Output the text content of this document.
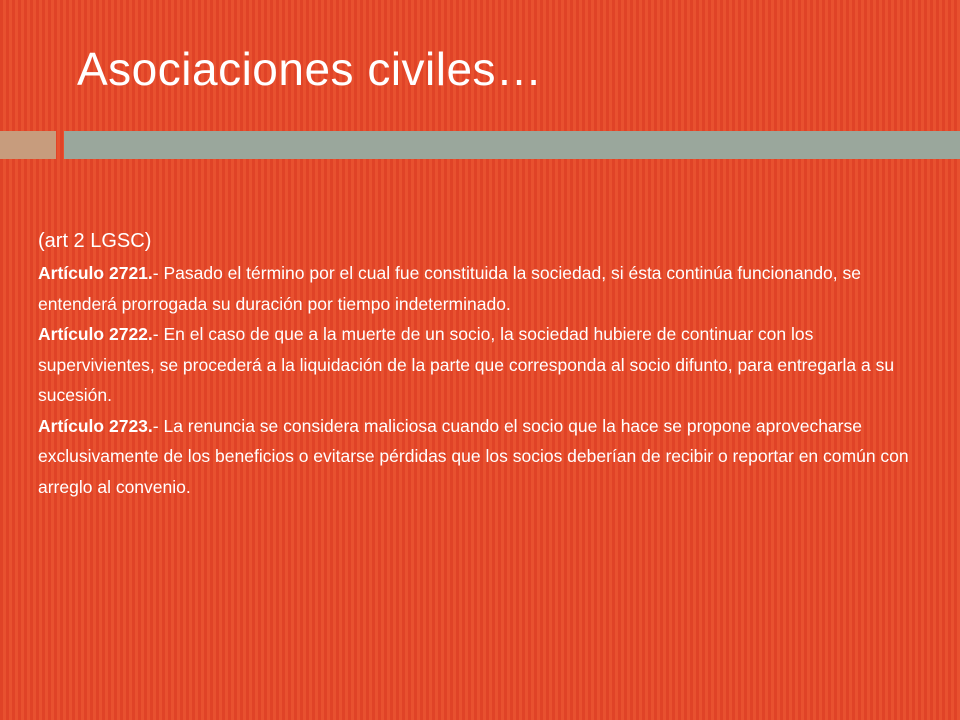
Asociaciones civiles…

(art 2 LGSC)

Artículo 2721.- Pasado el término por el cual fue constituida la sociedad, si ésta continúa funcionando, se entenderá prorrogada su duración por tiempo indeterminado.

Artículo 2722.- En el caso de que a la muerte de un socio, la sociedad hubiere de continuar con los supervivientes, se procederá a la liquidación de la parte que corresponda al socio difunto, para entregarla a su sucesión.

Artículo 2723.- La renuncia se considera maliciosa cuando el socio que la hace se propone aprovecharse exclusivamente de los beneficios o evitarse pérdidas que los socios deberían de recibir o reportar en común con arreglo al convenio.
